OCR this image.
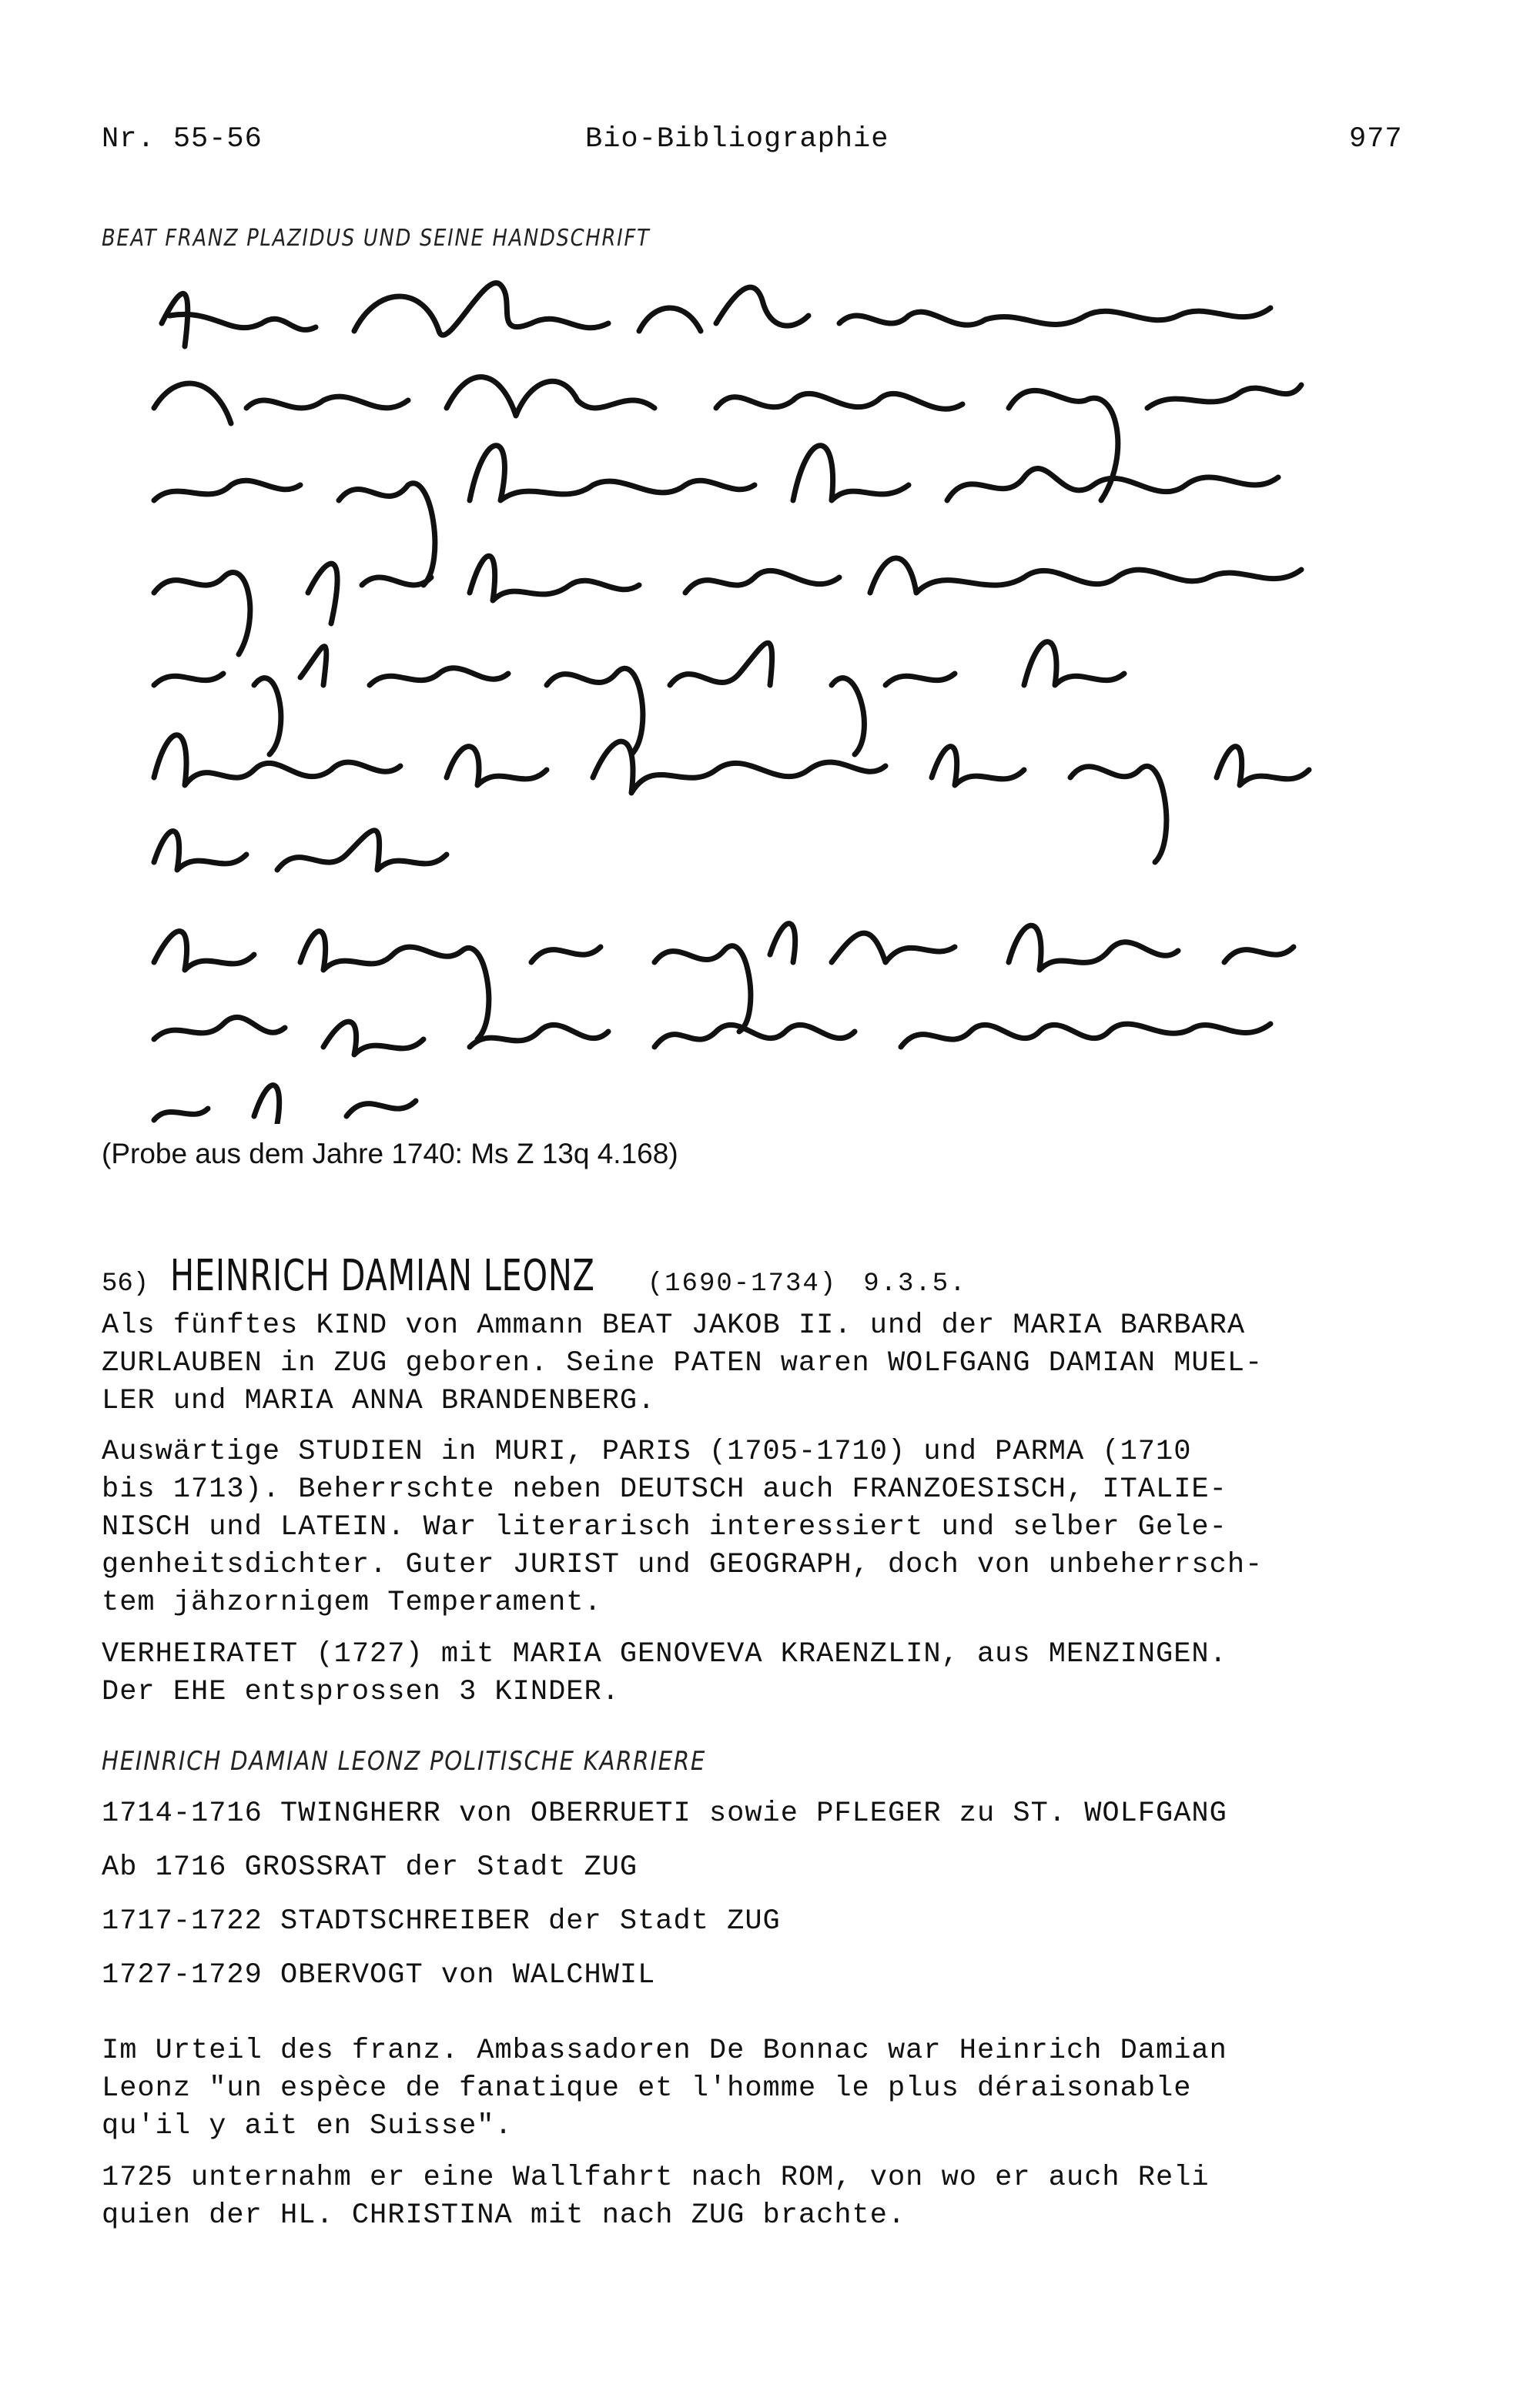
Nr. 55-56	Bio-Bibliographie	977
BEAT FRANZ PLAZIDUS UND SEINE HANDSCHRIFT
(Probe aus dem Jahre 1740: Ms Z 13q 4.168)
56) HEINRICH DAMIAN LEONZ (1690-1734) 9.3.5.
Als fünftes KIND von Ammann BEAT JAKOB II. und der MARIA BARBARA
ZURLAUBEN in ZUG geboren. Seine PATEN waren WOLFGANG DAMIAN MUEL-
LER und MARIA ANNA BRANDENBERG.
Auswärtige STUDIEN in MURI, PARIS (1705-1710) und PARMA (1710
bis 1713). Beherrschte neben DEUTSCH auch FRANZOESISCH, ITALIE-
NISCH und LATEIN. War literarisch interessiert und selber Gele-
genheitsdichter. Guter JURIST und GEOGRAPH, doch von unbeherrsch-
tem jähzornigem Temperament.
VERHEIRATET (1727) mit MARIA GENOVEVA KRAENZLIN, aus MENZINGEN.
Der EHE entsprossen 3 KINDER.
HEINRICH DAMIAN LEONZ POLITISCHE KARRIERE
1714-1716 TWINGHERR von OBERRUETI sowie PFLEGER zu ST. WOLFGANG
Ab 1716 GROSSRAT der Stadt ZUG
1717-1722 STADTSCHREIBER der Stadt ZUG
1727-1729 OBERVOGT von WALCHWIL
Im Urteil des franz. Ambassadoren De Bonnac war Heinrich Damian
Leonz "un espèce de fanatique et l'homme le plus déraisonable
qu'il y ait en Suisse".
1725 unternahm er eine Wallfahrt nach ROM, von wo er auch Reli
quien der HL. CHRISTINA mit nach ZUG brachte.
